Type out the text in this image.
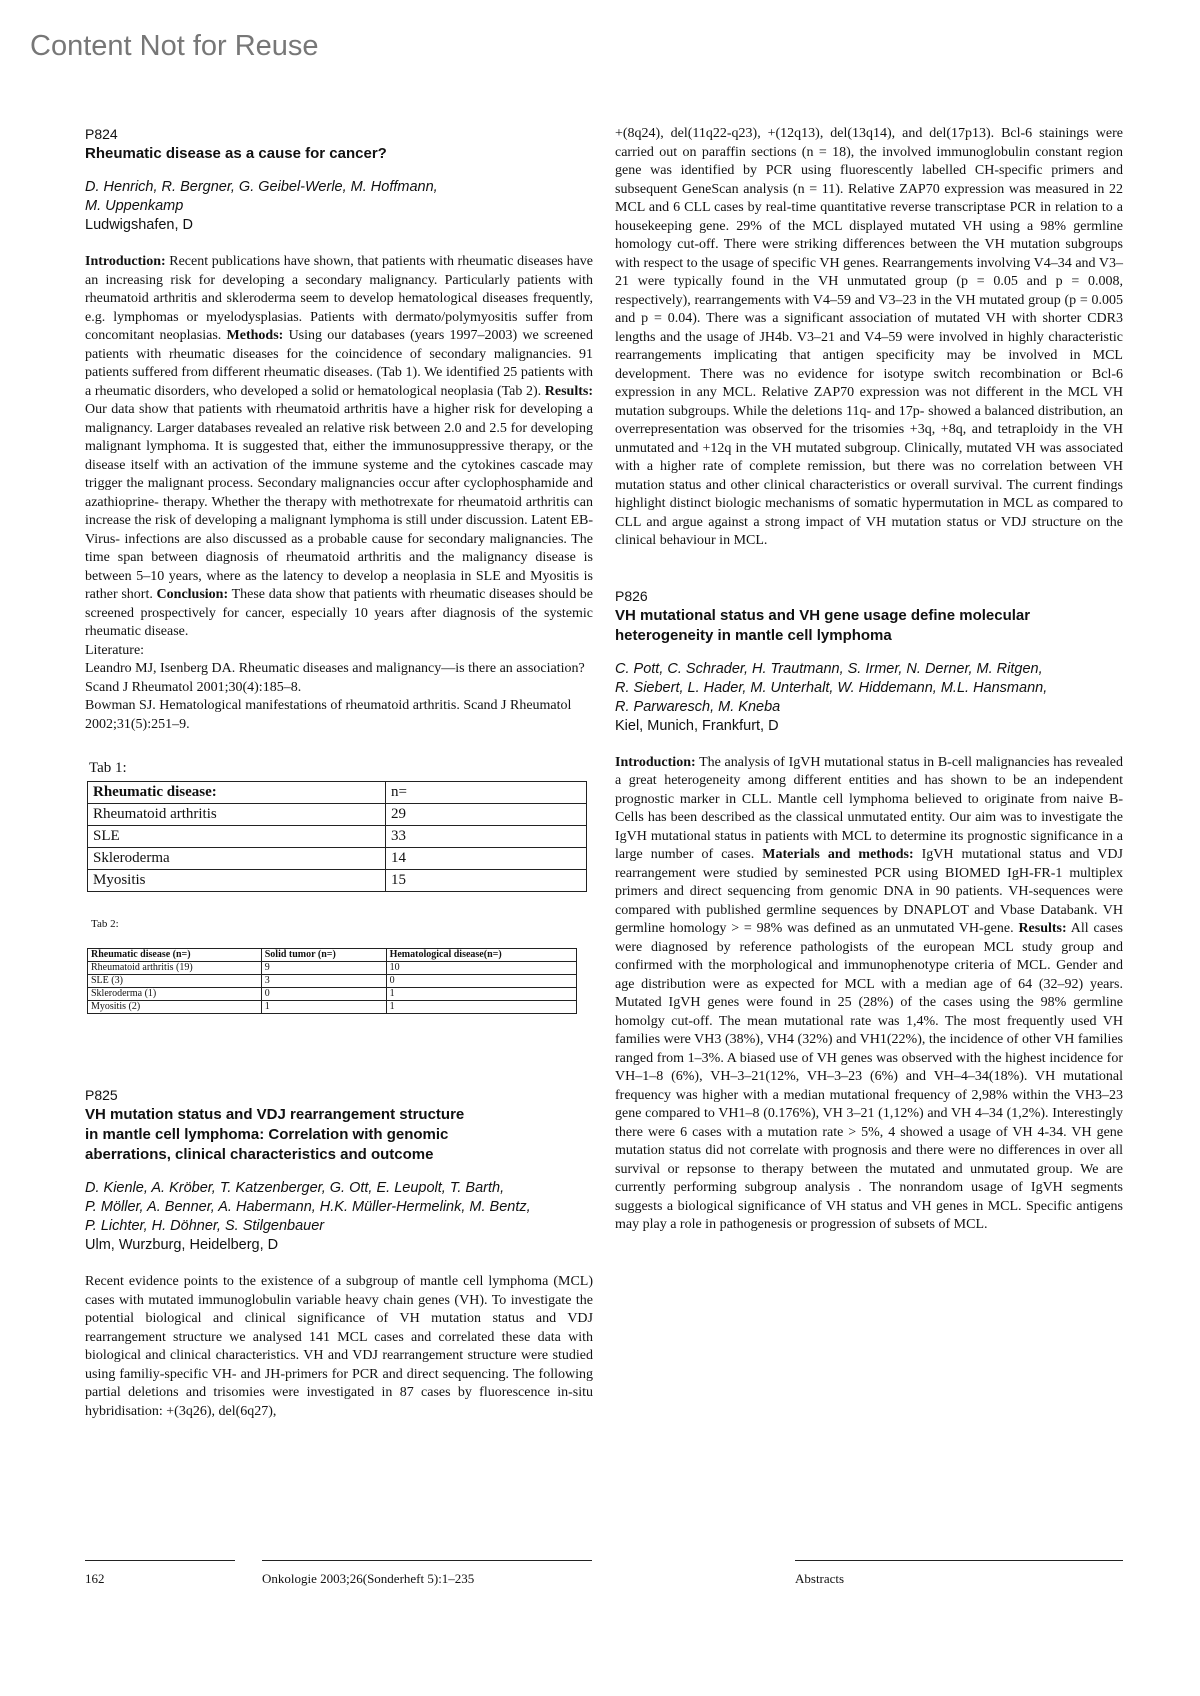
Content Not for Reuse

P824

Rheumatic disease as a cause for cancer?

D. Henrich, R. Bergner, G. Geibel-Werle, M. Hoffmann,
M. Uppenkamp

Ludwigshafen, D

Introduction: Recent publications have shown, that patients with rheumatic diseases have an increasing risk for developing a secondary malignancy. Particularly patients with rheumatoid arthritis and skleroderma seem to develop hematological diseases frequently, e.g. lymphomas or myelodysplasias. Patients with dermato/polymyositis suffer from concomitant neoplasias. Methods: Using our databases (years 1997–2003) we screened patients with rheumatic diseases for the coincidence of secondary malignancies. 91 patients suffered from different rheumatic diseases. (Tab 1). We identified 25 patients with a rheumatic disorders, who developed a solid or hematological neoplasia (Tab 2). Results: Our data show that patients with rheumatoid arthritis have a higher risk for developing a malignancy. Larger databases revealed an relative risk between 2.0 and 2.5 for developing malignant lymphoma. It is suggested that, either the immunosuppressive therapy, or the disease itself with an activation of the immune systeme and the cytokines cascade may trigger the malignant process. Secondary malignancies occur after cyclophosphamide and azathioprine- therapy. Whether the therapy with methotrexate for rheumatoid arthritis can increase the risk of developing a malignant lymphoma is still under discussion. Latent EB-Virus- infections are also discussed as a probable cause for secondary malignancies. The time span between diagnosis of rheumatoid arthritis and the malignancy disease is between 5–10 years, where as the latency to develop a neoplasia in SLE and Myositis is rather short. Conclusion: These data show that patients with rheumatic diseases should be screened prospectively for cancer, especially 10 years after diagnosis of the systemic rheumatic disease.

Literature:

Leandro MJ, Isenberg DA. Rheumatic diseases and malignancy—is there an association? Scand J Rheumatol 2001;30(4):185–8.

Bowman SJ. Hematological manifestations of rheumatoid arthritis. Scand J Rheumatol 2002;31(5):251–9.

Tab 1:

Rheumatic disease:	n=
Rheumatoid arthritis	29
SLE	33
Skleroderma	14
Myositis	15

Tab 2:

Rheumatic disease (n=)	Solid tumor (n=)	Hematological disease(n=)
Rheumatoid arthritis (19)	9	10
SLE (3)	3	0
Skleroderma (1)	0	1
Myositis (2)	1	1

P825

VH mutation status and VDJ rearrangement structure
in mantle cell lymphoma: Correlation with genomic
aberrations, clinical characteristics and outcome

D. Kienle, A. Kröber, T. Katzenberger, G. Ott, E. Leupolt, T. Barth,
P. Möller, A. Benner, A. Habermann, H.K. Müller-Hermelink, M. Bentz,
P. Lichter, H. Döhner, S. Stilgenbauer

Ulm, Wurzburg, Heidelberg, D

Recent evidence points to the existence of a subgroup of mantle cell lymphoma (MCL) cases with mutated immunoglobulin variable heavy chain genes (VH). To investigate the potential biological and clinical significance of VH mutation status and VDJ rearrangement structure we analysed 141 MCL cases and correlated these data with biological and clinical characteristics. VH and VDJ rearrangement structure were studied using familiy-specific VH- and JH-primers for PCR and direct sequencing. The following partial deletions and trisomies were investigated in 87 cases by fluorescence in-situ hybridisation: +(3q26), del(6q27),

+(8q24), del(11q22-q23), +(12q13), del(13q14), and del(17p13). Bcl-6 stainings were carried out on paraffin sections (n = 18), the involved immunoglobulin constant region gene was identified by PCR using fluorescently labelled CH-specific primers and subsequent GeneScan analysis (n = 11). Relative ZAP70 expression was measured in 22 MCL and 6 CLL cases by real-time quantitative reverse transcriptase PCR in relation to a housekeeping gene. 29% of the MCL displayed mutated VH using a 98% germline homology cut-off. There were striking differences between the VH mutation subgroups with respect to the usage of specific VH genes. Rearrangements involving V4–34 and V3–21 were typically found in the VH unmutated group (p = 0.05 and p = 0.008, respectively), rearrangements with V4–59 and V3–23 in the VH mutated group (p = 0.005 and p = 0.04). There was a significant association of mutated VH with shorter CDR3 lengths and the usage of JH4b. V3–21 and V4–59 were involved in highly characteristic rearrangements implicating that antigen specificity may be involved in MCL development. There was no evidence for isotype switch recombination or Bcl-6 expression in any MCL. Relative ZAP70 expression was not different in the MCL VH mutation subgroups. While the deletions 11q- and 17p- showed a balanced distribution, an overrepresentation was observed for the trisomies +3q, +8q, and tetraploidy in the VH unmutated and +12q in the VH mutated subgroup. Clinically, mutated VH was associated with a higher rate of complete remission, but there was no correlation between VH mutation status and other clinical characteristics or overall survival. The current findings highlight distinct biologic mechanisms of somatic hypermutation in MCL as compared to CLL and argue against a strong impact of VH mutation status or VDJ structure on the clinical behaviour in MCL.

P826

VH mutational status and VH gene usage define molecular
heterogeneity in mantle cell lymphoma

C. Pott, C. Schrader, H. Trautmann, S. Irmer, N. Derner, M. Ritgen,
R. Siebert, L. Hader, M. Unterhalt, W. Hiddemann, M.L. Hansmann,
R. Parwaresch, M. Kneba

Kiel, Munich, Frankfurt, D

Introduction: The analysis of IgVH mutational status in B-cell malignancies has revealed a great heterogeneity among different entities and has shown to be an independent prognostic marker in CLL. Mantle cell lymphoma believed to originate from naive B-Cells has been described as the classical unmutated entity. Our aim was to investigate the IgVH mutational status in patients with MCL to determine its prognostic significance in a large number of cases. Materials and methods: IgVH mutational status and VDJ rearrangement were studied by seminested PCR using BIOMED IgH-FR-1 multiplex primers and direct sequencing from genomic DNA in 90 patients. VH-sequences were compared with published germline sequences by DNAPLOT and Vbase Databank. VH germline homology > = 98% was defined as an unmutated VH-gene. Results: All cases were diagnosed by reference pathologists of the european MCL study group and confirmed with the morphological and immunophenotype criteria of MCL. Gender and age distribution were as expected for MCL with a median age of 64 (32–92) years. Mutated IgVH genes were found in 25 (28%) of the cases using the 98% germline homolgy cut-off. The mean mutational rate was 1,4%. The most frequently used VH families were VH3 (38%), VH4 (32%) and VH1(22%), the incidence of other VH families ranged from 1–3%. A biased use of VH genes was observed with the highest incidence for VH–1–8 (6%), VH–3–21(12%, VH–3–23 (6%) and VH–4–34(18%). VH mutational frequency was higher with a median mutational frequency of 2,98% within the VH3–23 gene compared to VH1–8 (0.176%), VH 3–21 (1,12%) and VH 4–34 (1,2%). Interestingly there were 6 cases with a mutation rate > 5%, 4 showed a usage of VH 4-34. VH gene mutation status did not correlate with prognosis and there were no differences in over all survival or repsonse to therapy between the mutated and unmutated group. We are currently performing subgroup analysis . The nonrandom usage of IgVH segments suggests a biological significance of VH status and VH genes in MCL. Specific antigens may play a role in pathogenesis or progression of subsets of MCL.

162	Onkologie 2003;26(Sonderheft 5):1–235	Abstracts
